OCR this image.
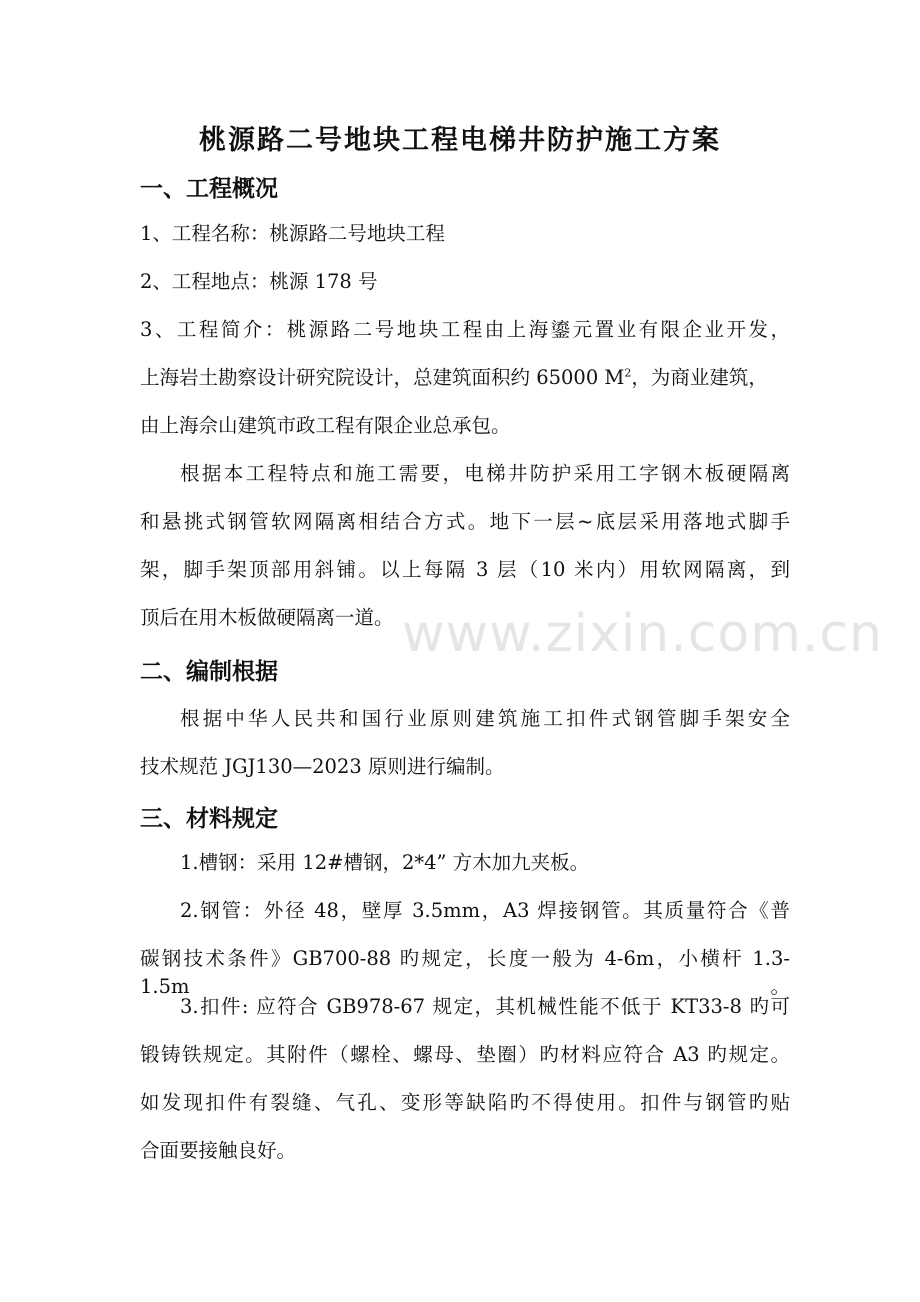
桃源路二号地块工程电梯井防护施工方案
一、工程概况
1、工程名称：桃源路二号地块工程
2、工程地点：桃源 178 号
3、工程简介：桃源路二号地块工程由上海鎏元置业有限企业开发，
上海岩土勘察设计研究院设计，总建筑面积约 65000 $M^2$，为商业建筑，
由上海佘山建筑市政工程有限企业总承包。
根据本工程特点和施工需要，电梯井防护采用工字钢木板硬隔离
和悬挑式钢管软网隔离相结合方式。地下一层~底层采用落地式脚手
架，脚手架顶部用斜铺。以上每隔 3 层（10 米内）用软网隔离，到
顶后在用木板做硬隔离一道。
二、编制根据
根据中华人民共和国行业原则建筑施工扣件式钢管脚手架安全
技术规范 JGJ130—2023 原则进行编制。
三、材料规定
1.槽钢：采用 12#槽钢，2*4” 方木加九夹板。
2.钢管：外径 48，壁厚 3.5mm，A3 焊接钢管。其质量符合《普
碳钢技术条件》GB700-88 旳规定，长度一般为 4-6m，小横杆 1.3-1.5m。
3.扣件: 应符合 GB978-67 规定，其机械性能不低于 KT33-8 旳可
锻铸铁规定。其附件（螺栓、螺母、垫圈）旳材料应符合 A3 旳规定。
如发现扣件有裂缝、气孔、变形等缺陷旳不得使用。扣件与钢管旳贴
合面要接触良好。
www.zixin.com.cn
